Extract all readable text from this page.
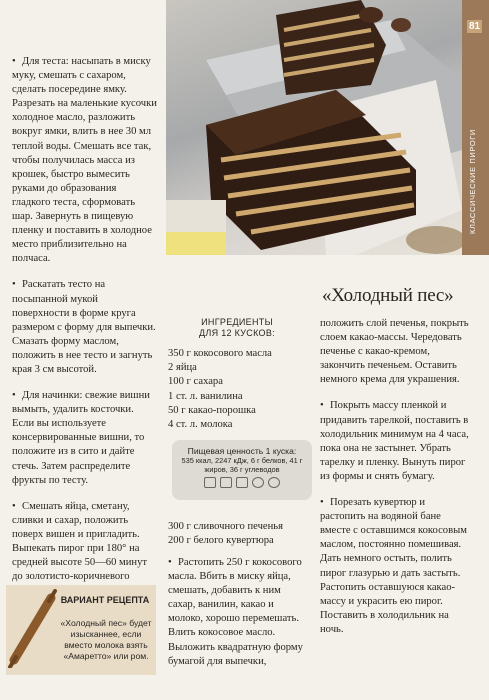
81
КЛАССИЧЕСКИЕ ПИРОГИ

• Для теста: насыпать в миску муку, смешать с сахаром, сделать посередине ямку. Разрезать на маленькие кусочки холодное масло, разложить вокруг ямки, влить в нее 30 мл теплой воды. Смешать все так, чтобы получилась масса из крошек, быстро вымесить руками до образования гладкого теста, сформовать шар. Завернуть в пищевую пленку и поставить в холодное место приблизительно на полчаса.

• Раскатать тесто на посыпанной мукой поверхности в форме круга размером с форму для выпечки. Смазать форму маслом, положить в нее тесто и загнуть края 3 см высотой.

• Для начинки: свежие вишни вымыть, удалить косточки. Если вы используете консервированные вишни, то положите из в сито и дайте стечь. Затем распределите фрукты по тесту.

• Смешать яйца, сметану, сливки и сахар, положить поверх вишен и пригладить. Выпекать пирог при 180° на средней высоте 50—60 минут до золотисто-коричневого

ВАРИАНТ РЕЦЕПТА
«Холодный пес» будет изысканнее, если вместо молока взять «Амаретто» или ром.
«Холодный пес»
ИНГРЕДИЕНТЫ
ДЛЯ 12 КУСКОВ:
350 г кокосового масла
2 яйца
100 г сахара
1 ст. л. ванилина
50 г какао-порошка
4 ст. л. молока
Пищевая ценность 1 куска:
535 ккал, 2247 кДж, 6 г белков, 41 г жиров, 36 г углеводов
300 г сливочного печенья
200 г белого кувертюра

• Растопить 250 г кокосового масла. Вбить в миску яйца, смешать, добавить к ним сахар, ванилин, какао и молоко, хорошо перемешать. Влить кокосовое масло. Выложить квадратную форму бумагой для выпечки,

положить слой печенья, покрыть слоем какао-массы. Чередовать печенье с какао-кремом, закончить печеньем. Оставить немного крема для украшения.

• Покрыть массу пленкой и придавить тарелкой, поставить в холодильник минимум на 4 часа, пока она не застынет. Убрать тарелку и пленку. Вынуть пирог из формы и снять бумагу.

• Порезать кувертюр и растопить на водяной бане вместе с оставшимся кокосовым маслом, постоянно помешивая. Дать немного остыть, полить пирог глазурью и дать застыть. Растопить оставшуюся какао-массу и украсить ею пирог. Поставить в холодильник на ночь.
